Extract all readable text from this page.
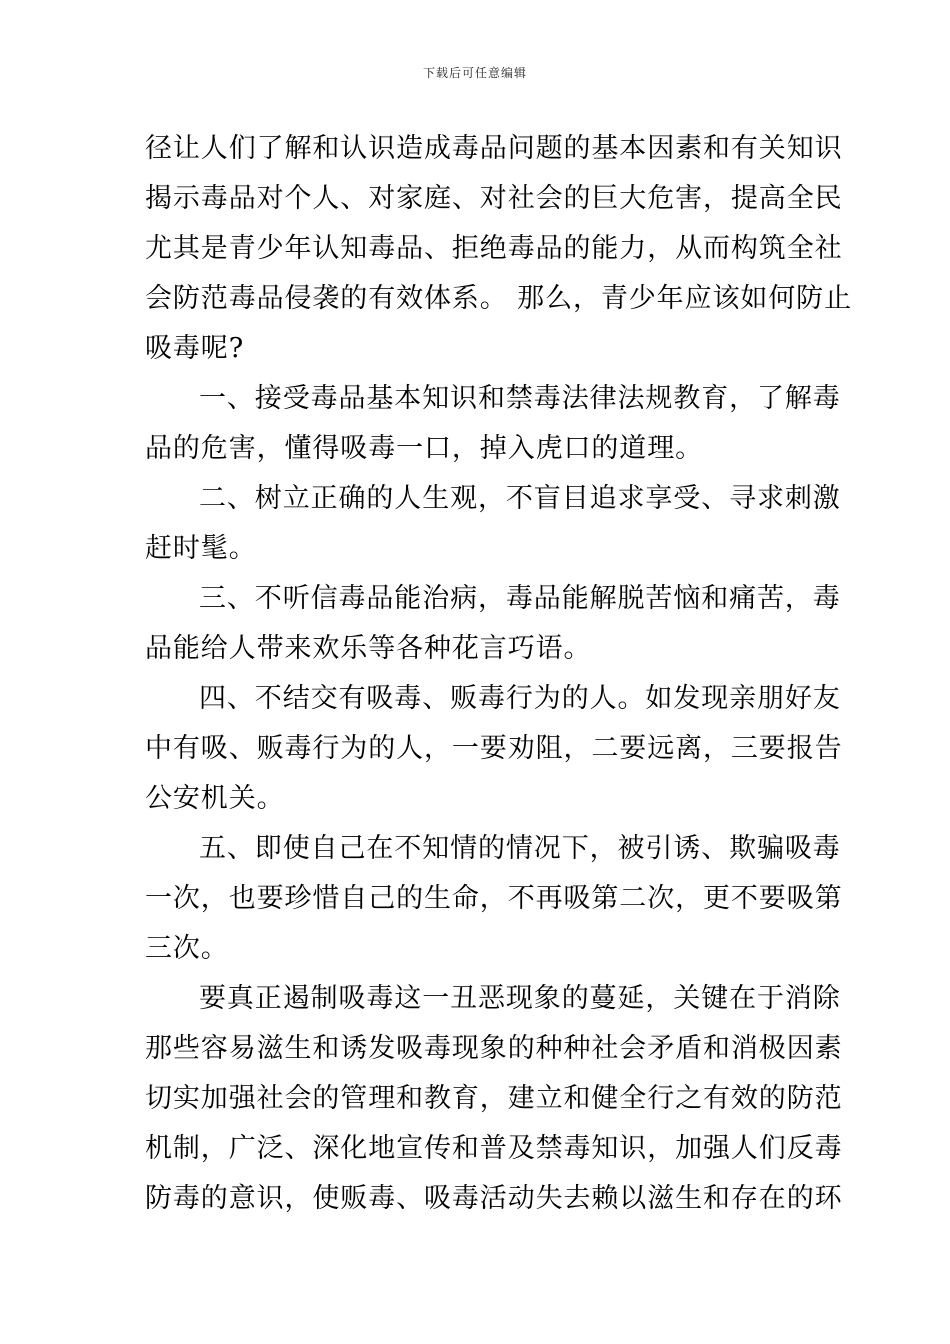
下载后可任意编辑
径让人们了解和认识造成毒品问题的基本因素和有关知识
揭示毒品对个人、对家庭、对社会的巨大危害，提高全民
尤其是青少年认知毒品、拒绝毒品的能力，从而构筑全社
会防范毒品侵袭的有效体系。 那么，青少年应该如何防止
吸毒呢?
一、接受毒品基本知识和禁毒法律法规教育，了解毒
品的危害，懂得吸毒一口，掉入虎口的道理。
二、树立正确的人生观，不盲目追求享受、寻求刺激
赶时髦。
三、不听信毒品能治病，毒品能解脱苦恼和痛苦，毒
品能给人带来欢乐等各种花言巧语。
四、不结交有吸毒、贩毒行为的人。如发现亲朋好友
中有吸、贩毒行为的人，一要劝阻，二要远离，三要报告
公安机关。
五、即使自己在不知情的情况下，被引诱、欺骗吸毒
一次，也要珍惜自己的生命，不再吸第二次，更不要吸第
三次。
要真正遏制吸毒这一丑恶现象的蔓延，关键在于消除
那些容易滋生和诱发吸毒现象的种种社会矛盾和消极因素
切实加强社会的管理和教育，建立和健全行之有效的防范
机制，广泛、深化地宣传和普及禁毒知识，加强人们反毒
防毒的意识，使贩毒、吸毒活动失去赖以滋生和存在的环
